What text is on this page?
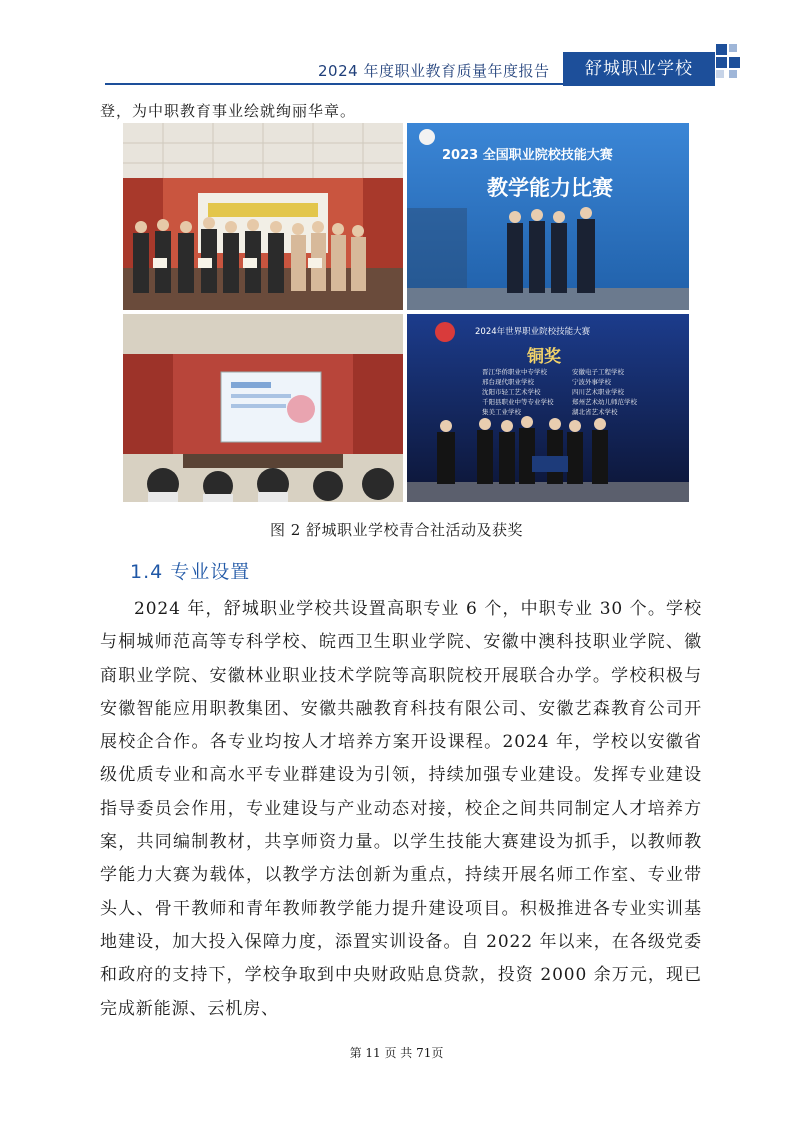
2024 年度职业教育质量年度报告	舒城职业学校
登，为中职教育事业绘就绚丽华章。
2023 全国职业院校技能大赛
教学能力比赛
2024年世界职业院校技能大赛
铜奖
晋江华侨职业中专学校
邢台现代职业学校
沈阳市轻工艺术学校
千阳县职业中等专业学校
集美工业学校
安徽电子工程学校
宁波外事学校
四川艺术职业学校
郑州艺术幼儿师范学校
湖北省艺术学校
图 2 舒城职业学校青合社活动及获奖
1.4 专业设置

2024 年，舒城职业学校共设置高职专业 6 个，中职专业 30 个。学校与桐城师范高等专科学校、皖西卫生职业学院、安徽中澳科技职业学院、徽商职业学院、安徽林业职业技术学院等高职院校开展联合办学。学校积极与安徽智能应用职教集团、安徽共融教育科技有限公司、安徽艺森教育公司开展校企合作。各专业均按人才培养方案开设课程。2024 年，学校以安徽省级优质专业和高水平专业群建设为引领，持续加强专业建设。发挥专业建设指导委员会作用，专业建设与产业动态对接，校企之间共同制定人才培养方案，共同编制教材，共享师资力量。以学生技能大赛建设为抓手，以教师教学能力大赛为载体，以教学方法创新为重点，持续开展名师工作室、专业带头人、骨干教师和青年教师教学能力提升建设项目。积极推进各专业实训基地建设，加大投入保障力度，添置实训设备。自 2022 年以来，在各级党委和政府的支持下，学校争取到中央财政贴息贷款，投资 2000 余万元，现已完成新能源、云机房、

第 11 页 共 71页
